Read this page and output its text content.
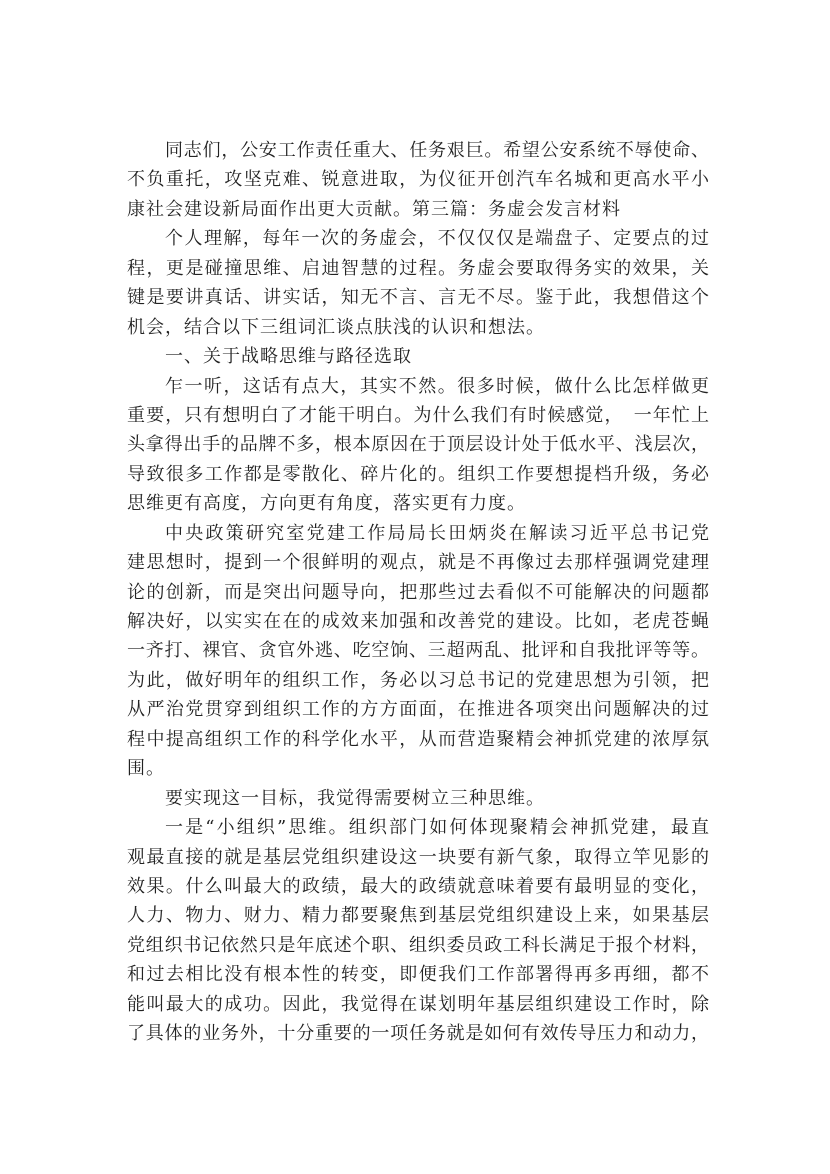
同志们，公安工作责任重大、任务艰巨。希望公安系统不辱使命、
不负重托，攻坚克难、锐意进取，为仪征开创汽车名城和更高水平小
康社会建设新局面作出更大贡献。第三篇：务虚会发言材料
个人理解，每年一次的务虚会，不仅仅仅是端盘子、定要点的过
程，更是碰撞思维、启迪智慧的过程。务虚会要取得务实的效果，关
键是要讲真话、讲实话，知无不言、言无不尽。鉴于此，我想借这个
机会，结合以下三组词汇谈点肤浅的认识和想法。
一、关于战略思维与路径选取
乍一听，这话有点大，其实不然。很多时候，做什么比怎样做更
重要，只有想明白了才能干明白。为什么我们有时候感觉，　一年忙上
头拿得出手的品牌不多，根本原因在于顶层设计处于低水平、浅层次，
导致很多工作都是零散化、碎片化的。组织工作要想提档升级，务必
思维更有高度，方向更有角度，落实更有力度。
中央政策研究室党建工作局局长田炳炎在解读习近平总书记党
建思想时，提到一个很鲜明的观点，就是不再像过去那样强调党建理
论的创新，而是突出问题导向，把那些过去看似不可能解决的问题都
解决好，以实实在在的成效来加强和改善党的建设。比如，老虎苍蝇
一齐打、裸官、贪官外逃、吃空饷、三超两乱、批评和自我批评等等。
为此，做好明年的组织工作，务必以习总书记的党建思想为引领，把
从严治党贯穿到组织工作的方方面面，在推进各项突出问题解决的过
程中提高组织工作的科学化水平，从而营造聚精会神抓党建的浓厚氛
围。
要实现这一目标，我觉得需要树立三种思维。
一是“小组织”思维。组织部门如何体现聚精会神抓党建，最直
观最直接的就是基层党组织建设这一块要有新气象，取得立竿见影的
效果。什么叫最大的政绩，最大的政绩就意味着要有最明显的变化，
人力、物力、财力、精力都要聚焦到基层党组织建设上来，如果基层
党组织书记依然只是年底述个职、组织委员政工科长满足于报个材料，
和过去相比没有根本性的转变，即便我们工作部署得再多再细，都不
能叫最大的成功。因此，我觉得在谋划明年基层组织建设工作时，除
了具体的业务外，十分重要的一项任务就是如何有效传导压力和动力，
